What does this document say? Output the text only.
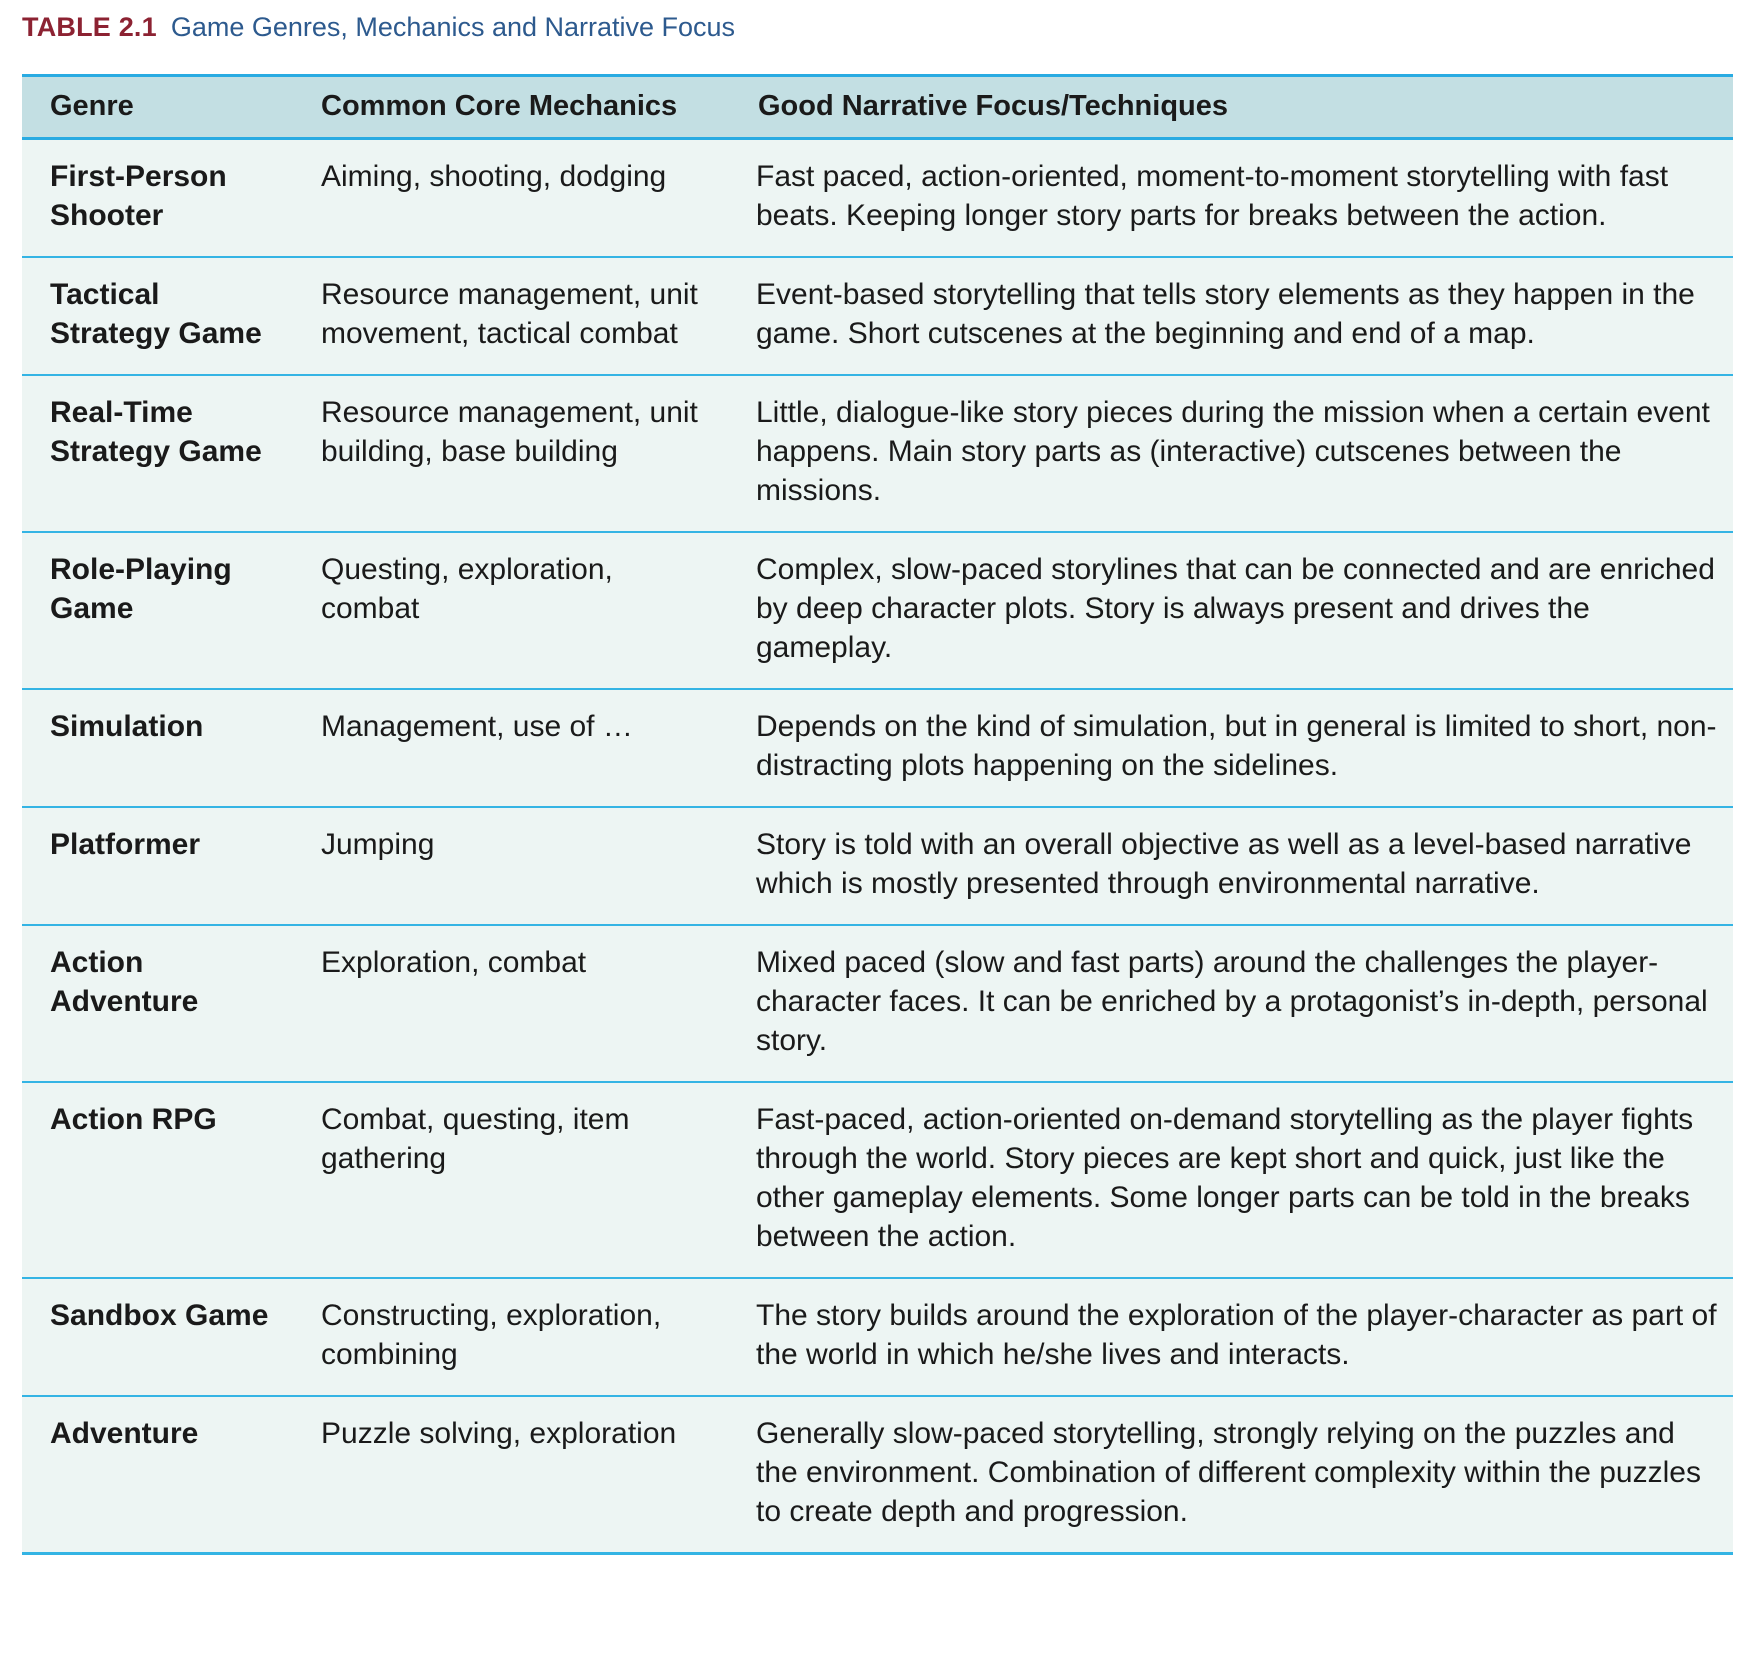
TABLE 2.1 Game Genres, Mechanics and Narrative Focus
Genre	Common Core Mechanics	Good Narrative Focus/Techniques
First-Person Shooter	Aiming, shooting, dodging	Fast paced, action-oriented, moment-to-moment storytelling with fast beats. Keeping longer story parts for breaks between the action.
Tactical Strategy Game	Resource management, unit movement, tactical combat	Event-based storytelling that tells story elements as they happen in the game. Short cutscenes at the beginning and end of a map.
Real-Time Strategy Game	Resource management, unit building, base building	Little, dialogue-like story pieces during the mission when a certain event happens. Main story parts as (interactive) cutscenes between the missions.
Role-Playing Game	Questing, exploration, combat	Complex, slow-paced storylines that can be connected and are enriched by deep character plots. Story is always present and drives the gameplay.
Simulation	Management, use of …	Depends on the kind of simulation, but in general is limited to short, non-distracting plots happening on the sidelines.
Platformer	Jumping	Story is told with an overall objective as well as a level-based narrative which is mostly presented through environmental narrative.
Action Adventure	Exploration, combat	Mixed paced (slow and fast parts) around the challenges the player-character faces. It can be enriched by a protagonist’s in-depth, personal story.
Action RPG	Combat, questing, item gathering	Fast-paced, action-oriented on-demand storytelling as the player fights through the world. Story pieces are kept short and quick, just like the other gameplay elements. Some longer parts can be told in the breaks between the action.
Sandbox Game	Constructing, exploration, combining	The story builds around the exploration of the player-character as part of the world in which he/she lives and interacts.
Adventure	Puzzle solving, exploration	Generally slow-paced storytelling, strongly relying on the puzzles and the environment. Combination of different complexity within the puzzles to create depth and progression.
